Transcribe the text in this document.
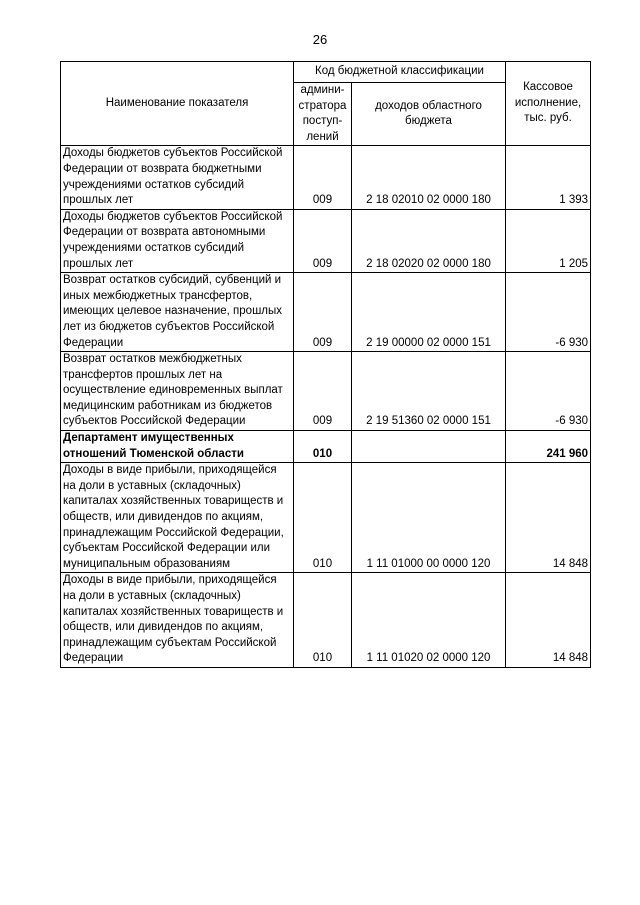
26
Наименование показателя	Код бюджетной классификации		Кассовое исполнение, тыс. руб.
	админи-стратора поступ-лений	доходов областного бюджета	
Доходы бюджетов субъектов Российской Федерации от возврата бюджетными учреждениями остатков субсидий прошлых лет	009	2 18 02010 02 0000 180	1 393
Доходы бюджетов субъектов Российской Федерации от возврата автономными учреждениями остатков субсидий прошлых лет	009	2 18 02020 02 0000 180	1 205
Возврат остатков субсидий, субвенций и иных межбюджетных трансфертов, имеющих целевое назначение, прошлых лет из бюджетов субъектов Российской Федерации	009	2 19 00000 02 0000 151	-6 930
Возврат остатков межбюджетных трансфертов прошлых лет на осуществление единовременных выплат медицинским работникам из бюджетов субъектов Российской Федерации	009	2 19 51360 02 0000 151	-6 930
Департамент имущественных отношений Тюменской области	010		241 960
Доходы в виде прибыли, приходящейся на доли в уставных (складочных) капиталах хозяйственных товариществ и обществ, или дивидендов по акциям, принадлежащим Российской Федерации, субъектам Российской Федерации или муниципальным образованиям	010	1 11 01000 00 0000 120	14 848
Доходы в виде прибыли, приходящейся на доли в уставных (складочных) капиталах хозяйственных товариществ и обществ, или дивидендов по акциям, принадлежащим субъектам Российской Федерации	010	1 11 01020 02 0000 120	14 848
